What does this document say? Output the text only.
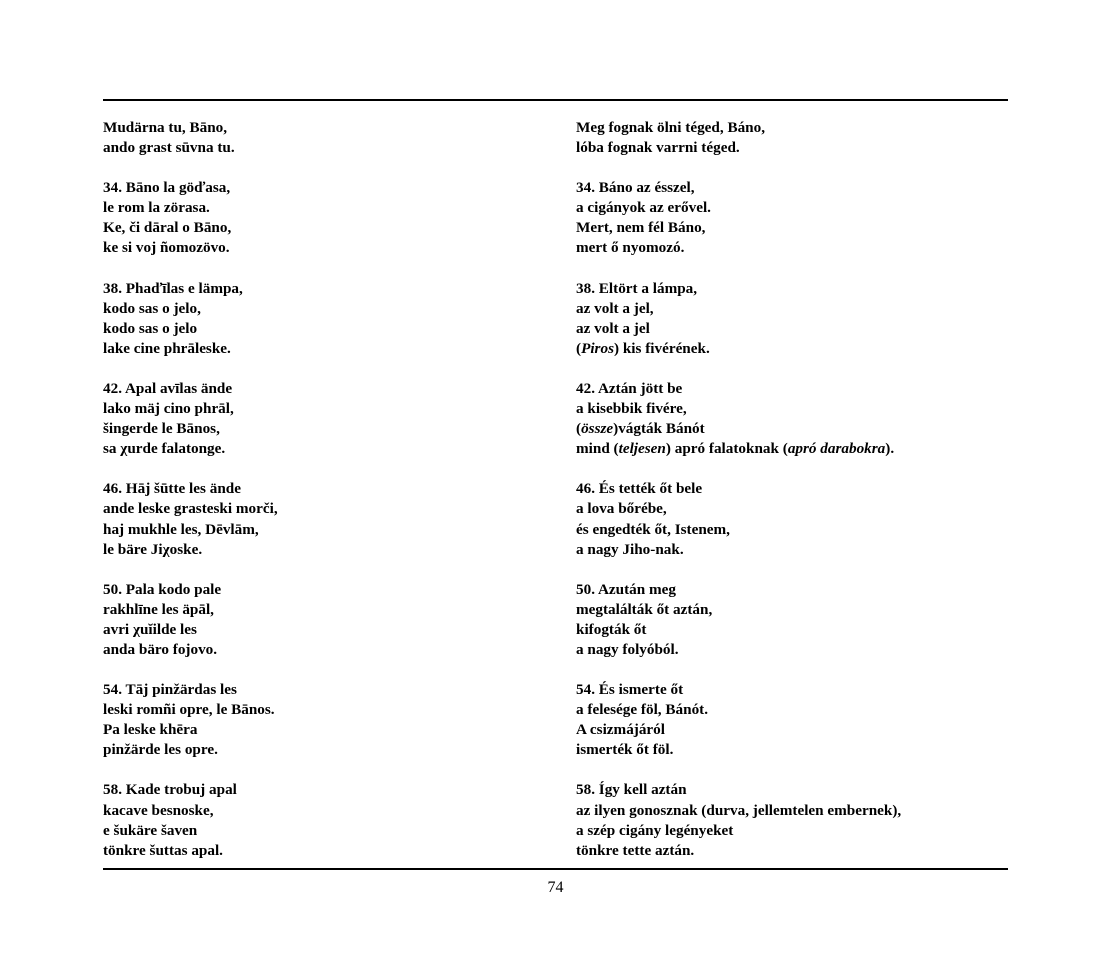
Mudärna tu, Bāno,
ando grast sūvna tu.
Meg fognak ölni téged, Báno,
lóba fognak varrni téged.
34. Bāno la göďasa,
le rom la zörasa.
Ke, či dāral o Bāno,
ke si voj ñomozövo.
34. Báno az ésszel,
a cigányok az erővel.
Mert, nem fél Báno,
mert ő nyomozó.
38. Phaďīlas e lämpa,
kodo sas o jelo,
kodo sas o jelo
lake cine phrāleske.
38. Eltört a lámpa,
az volt a jel,
az volt a jel
(Piros) kis fivérének.
42. Apal avīlas ände
lako mäj cino phrāl,
šingerde le Bānos,
sa χurde falatonge.
42. Aztán jött be
a kisebbik fivére,
(össze)vágták Bánót
mind (teljesen) apró falatoknak (apró darabokra).
46. Hāj šūtte les ände
ande leske grasteski morči,
haj mukhle les, Dēvlām,
le bäre Jiχoske.
46. És tették őt bele
a lova bőrébe,
és engedték őt, Istenem,
a nagy Jiho-nak.
50. Pala kodo pale
rakhlīne les äpāl,
avri χuĭilde les
anda bäro fojovo.
50. Azután meg
megtalálták őt aztán,
kifogták őt
a nagy folyóból.
54. Tāj pinžärdas les
leski romñi opre, le Bānos.
Pa leske khēra
pinžärde les opre.
54. És ismerte őt
a felesége föl, Bánót.
A csizmájáról
ismerték őt föl.
58. Kade trobuj apal
kacave besnoske,
e šukäre šaven
tönkre šuttas apal.
58. Így kell aztán
az ilyen gonosznak (durva, jellemtelen embernek),
a szép cigány legényeket
tönkre tette aztán.
74
